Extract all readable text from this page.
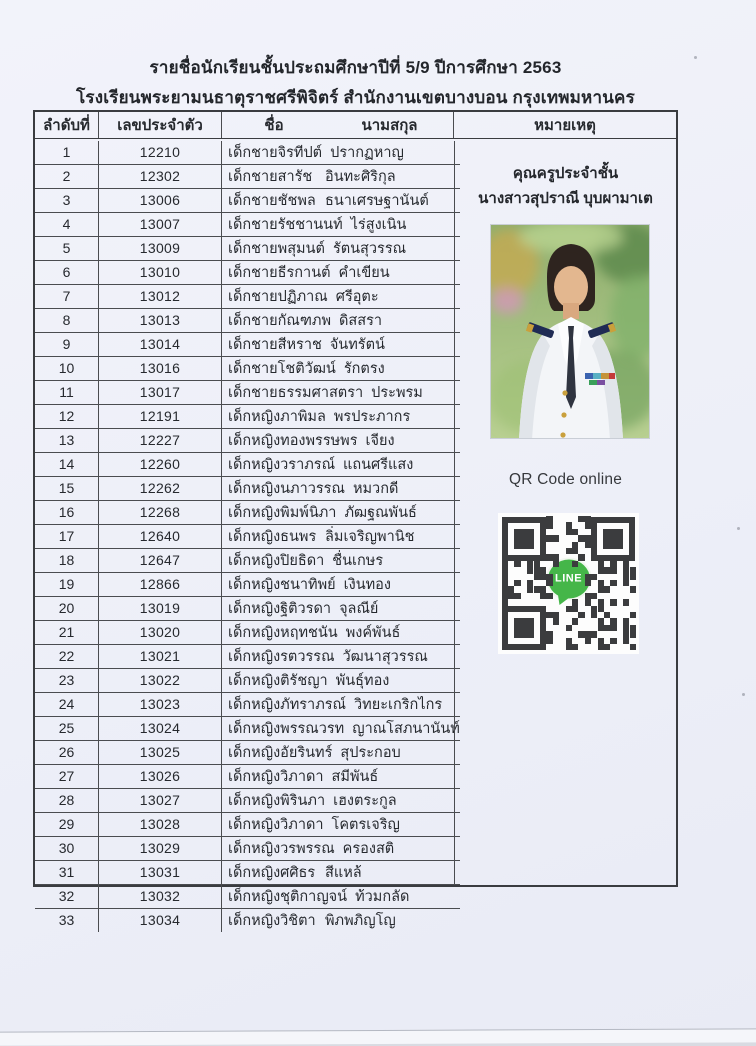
รายชื่อนักเรียนชั้นประถมศึกษาปีที่ 5/9 ปีการศึกษา 2563
โรงเรียนพระยามนธาตุราชศรีพิจิตร์ สำนักงานเขตบางบอน กรุงเทพมหานคร
ลำดับที่	เลขประจำตัว	ชื่อ	นามสกุล	หมายเหตุ
1	12210	เด็กชายจิรทีปต์ ปรากฏหาญ
2	12302	เด็กชายสารัช อินทะศิริกุล
3	13006	เด็กชายชัชพล ธนาเศรษฐานันต์
4	13007	เด็กชายรัชชานนท์ ไร่สูงเนิน
5	13009	เด็กชายพสุมนต์ รัตนสุวรรณ
6	13010	เด็กชายธีรกานต์ คำเขียน
7	13012	เด็กชายปฏิภาณ ศรีอุตะ
8	13013	เด็กชายกัณฑภพ ดิสสรา
9	13014	เด็กชายสีหราช จันทรัตน์
10	13016	เด็กชายโชติวัฒน์ รักตรง
11	13017	เด็กชายธรรมศาสตรา ประพรม
12	12191	เด็กหญิงภาพิมล พรประภากร
13	12227	เด็กหญิงทองพรรษพร เจียง
14	12260	เด็กหญิงวราภรณ์ แถนศรีแสง
15	12262	เด็กหญิงนภาวรรณ หมวกดี
16	12268	เด็กหญิงพิมพ์นิภา ภัฒฐณพันธ์
17	12640	เด็กหญิงธนพร ลิ่มเจริญพานิช
18	12647	เด็กหญิงปิยธิดา ชื่นเกษร
19	12866	เด็กหญิงชนาทิพย์ เงินทอง
20	13019	เด็กหญิงฐิติวรดา จุลณีย์
21	13020	เด็กหญิงหฤทชนัน พงค์พันธ์
22	13021	เด็กหญิงรตวรรณ วัฒนาสุวรรณ
23	13022	เด็กหญิงติรัชญา พันธุ์ทอง
24	13023	เด็กหญิงภัทราภรณ์ วิทยะเกริกไกร
25	13024	เด็กหญิงพรรณวรท ญาณโสภนานันท์
26	13025	เด็กหญิงอัยรินทร์ สุประกอบ
27	13026	เด็กหญิงวิภาดา สมีพันธ์
28	13027	เด็กหญิงพิรินภา เฮงตระกูล
29	13028	เด็กหญิงวิภาดา โคตรเจริญ
30	13029	เด็กหญิงวรพรรณ ครองสติ
31	13031	เด็กหญิงศศิธร สีแหล้
32	13032	เด็กหญิงชุติกาญจน์ ท้วมกลัด
33	13034	เด็กหญิงวิชิตา พิภพภิญโญ
คุณครูประจำชั้น
นางสาวสุปราณี บุบผามาเต
QR Code online
LINE
